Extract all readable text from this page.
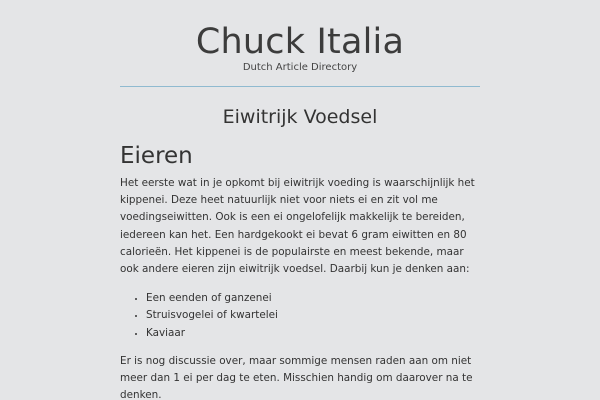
Chuck Italia
Dutch Article Directory
Eiwitrijk Voedsel
Eieren

Het eerste wat in je opkomt bij eiwitrijk voeding is waarschijnlijk het kippenei. Deze heet natuurlijk niet voor niets ei en zit vol me voedingseiwitten. Ook is een ei ongelofelijk makkelijk te bereiden, iedereen kan het. Een hardgekookt ei bevat 6 gram eiwitten en 80 calorieën. Het kippenei is de populairste en meest bekende, maar ook andere eieren zijn eiwitrijk voedsel. Daarbij kun je denken aan:

• Een eenden of ganzenei
• Struisvogelei of kwartelei
• Kaviaar

Er is nog discussie over, maar sommige mensen raden aan om niet meer dan 1 ei per dag te eten. Misschien handig om daarover na te denken.
